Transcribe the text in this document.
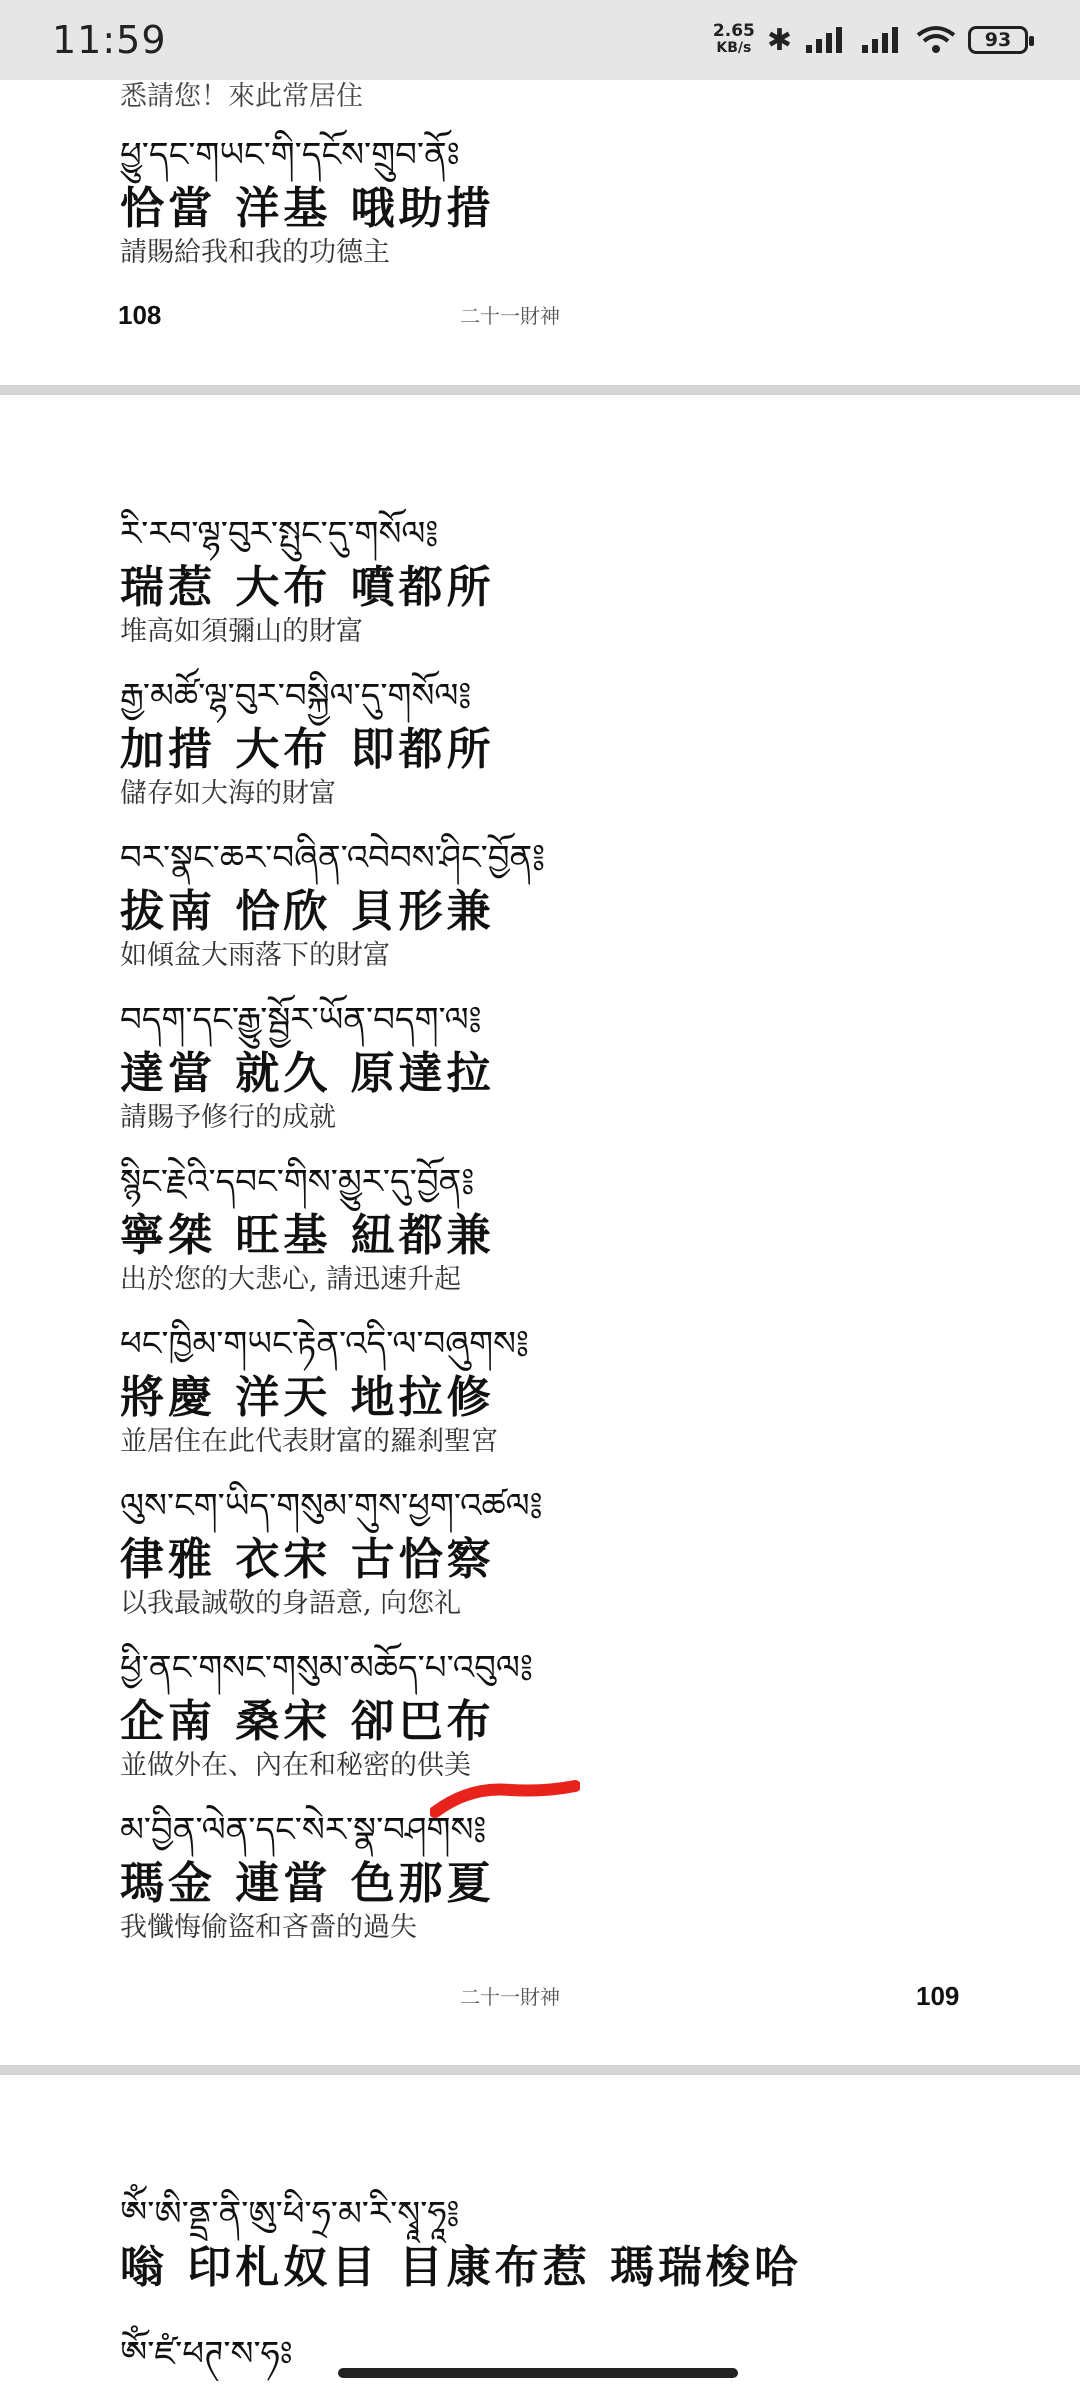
11:59	2.65
KB/s ✱	93
悉請您！來此常居住
ཕྱུ་དང་གཡང་གི་དངོས་གྲུབ་ནོཿ
恰當 洋基 哦助措
請賜給我和我的功德主
108	二十一財神
རི་རབ་ལྷ་བུར་སྤུང་དུ་གསོལ༔
瑞惹 大布 噴都所
堆高如須彌山的財富
རྒྱ་མཚོ་ལྷ་བུར་བསྐྱིལ་དུ་གསོལ༔
加措 大布 即都所
儲存如大海的財富
བར་སྣང་ཆར་བཞིན་འབེབས་ཤིང་བྱོན༔
拔南 恰欣 貝形兼
如傾盆大雨落下的財富
བདག་དང་རྒྱུ་སྦྱོར་ཡོན་བདག་ལ༔
達當 就久 原達拉
請賜予修行的成就
སྙིང་རྗེའི་དབང་གིས་མྱུར་དུ་བྱོན༔
寧桀 旺基 紐都兼
出於您的大悲心, 請迅速升起
ཕང་ཁྱིམ་གཡང་རྟེན་འདི་ལ་བཞུགས༔
將慶 洋天 地拉修
並居住在此代表財富的羅刹聖宮
ལུས་ངག་ཡིད་གསུམ་གུས་ཕྱག་འཚལ༔
律雅 衣宋 古恰察
以我最誠敬的身語意, 向您礼
ཕྱི་ནང་གསང་གསུམ་མཆོད་པ་འབུལ༔
企南 桑宋 卻巴布
並做外在、內在和秘密的供美
མ་བྱིན་ལེན་དང་སེར་སྣ་བཤགས༔
瑪金 連當 色那夏
我懺悔偷盜和吝嗇的過失
二十一財神	109
ཨོཾ་ཨི་ནྡྲ་ནི་ཨུ་ཕི་ཧྲ་མ་རི་སྭཱ་ཧཱ༔
嗡 印札奴目 目康布惹 瑪瑞梭哈
ཨོཾ་ཛཾ་ཕཊ་ས་ཧཿ
